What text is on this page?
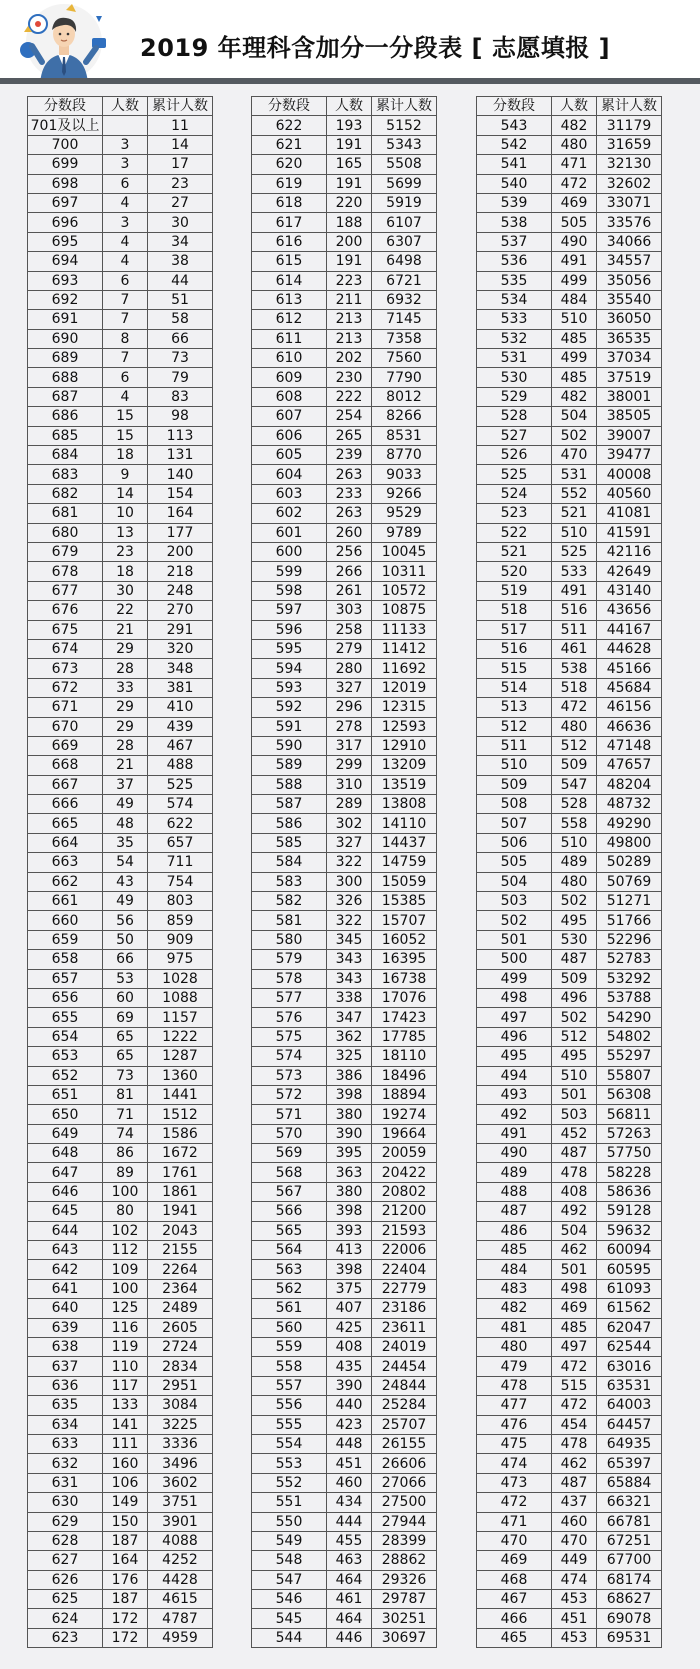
2019 年理科含加分一分段表 [ 志愿填报 ]
分数段	人数	累计人数
701及以上		11
700	3	14
699	3	17
698	6	23
697	4	27
696	3	30
695	4	34
694	4	38
693	6	44
692	7	51
691	7	58
690	8	66
689	7	73
688	6	79
687	4	83
686	15	98
685	15	113
684	18	131
683	9	140
682	14	154
681	10	164
680	13	177
679	23	200
678	18	218
677	30	248
676	22	270
675	21	291
674	29	320
673	28	348
672	33	381
671	29	410
670	29	439
669	28	467
668	21	488
667	37	525
666	49	574
665	48	622
664	35	657
663	54	711
662	43	754
661	49	803
660	56	859
659	50	909
658	66	975
657	53	1028
656	60	1088
655	69	1157
654	65	1222
653	65	1287
652	73	1360
651	81	1441
650	71	1512
649	74	1586
648	86	1672
647	89	1761
646	100	1861
645	80	1941
644	102	2043
643	112	2155
642	109	2264
641	100	2364
640	125	2489
639	116	2605
638	119	2724
637	110	2834
636	117	2951
635	133	3084
634	141	3225
633	111	3336
632	160	3496
631	106	3602
630	149	3751
629	150	3901
628	187	4088
627	164	4252
626	176	4428
625	187	4615
624	172	4787
623	172	4959
分数段	人数	累计人数
622	193	5152
621	191	5343
620	165	5508
619	191	5699
618	220	5919
617	188	6107
616	200	6307
615	191	6498
614	223	6721
613	211	6932
612	213	7145
611	213	7358
610	202	7560
609	230	7790
608	222	8012
607	254	8266
606	265	8531
605	239	8770
604	263	9033
603	233	9266
602	263	9529
601	260	9789
600	256	10045
599	266	10311
598	261	10572
597	303	10875
596	258	11133
595	279	11412
594	280	11692
593	327	12019
592	296	12315
591	278	12593
590	317	12910
589	299	13209
588	310	13519
587	289	13808
586	302	14110
585	327	14437
584	322	14759
583	300	15059
582	326	15385
581	322	15707
580	345	16052
579	343	16395
578	343	16738
577	338	17076
576	347	17423
575	362	17785
574	325	18110
573	386	18496
572	398	18894
571	380	19274
570	390	19664
569	395	20059
568	363	20422
567	380	20802
566	398	21200
565	393	21593
564	413	22006
563	398	22404
562	375	22779
561	407	23186
560	425	23611
559	408	24019
558	435	24454
557	390	24844
556	440	25284
555	423	25707
554	448	26155
553	451	26606
552	460	27066
551	434	27500
550	444	27944
549	455	28399
548	463	28862
547	464	29326
546	461	29787
545	464	30251
544	446	30697
分数段	人数	累计人数
543	482	31179
542	480	31659
541	471	32130
540	472	32602
539	469	33071
538	505	33576
537	490	34066
536	491	34557
535	499	35056
534	484	35540
533	510	36050
532	485	36535
531	499	37034
530	485	37519
529	482	38001
528	504	38505
527	502	39007
526	470	39477
525	531	40008
524	552	40560
523	521	41081
522	510	41591
521	525	42116
520	533	42649
519	491	43140
518	516	43656
517	511	44167
516	461	44628
515	538	45166
514	518	45684
513	472	46156
512	480	46636
511	512	47148
510	509	47657
509	547	48204
508	528	48732
507	558	49290
506	510	49800
505	489	50289
504	480	50769
503	502	51271
502	495	51766
501	530	52296
500	487	52783
499	509	53292
498	496	53788
497	502	54290
496	512	54802
495	495	55297
494	510	55807
493	501	56308
492	503	56811
491	452	57263
490	487	57750
489	478	58228
488	408	58636
487	492	59128
486	504	59632
485	462	60094
484	501	60595
483	498	61093
482	469	61562
481	485	62047
480	497	62544
479	472	63016
478	515	63531
477	472	64003
476	454	64457
475	478	64935
474	462	65397
473	487	65884
472	437	66321
471	460	66781
470	470	67251
469	449	67700
468	474	68174
467	453	68627
466	451	69078
465	453	69531
